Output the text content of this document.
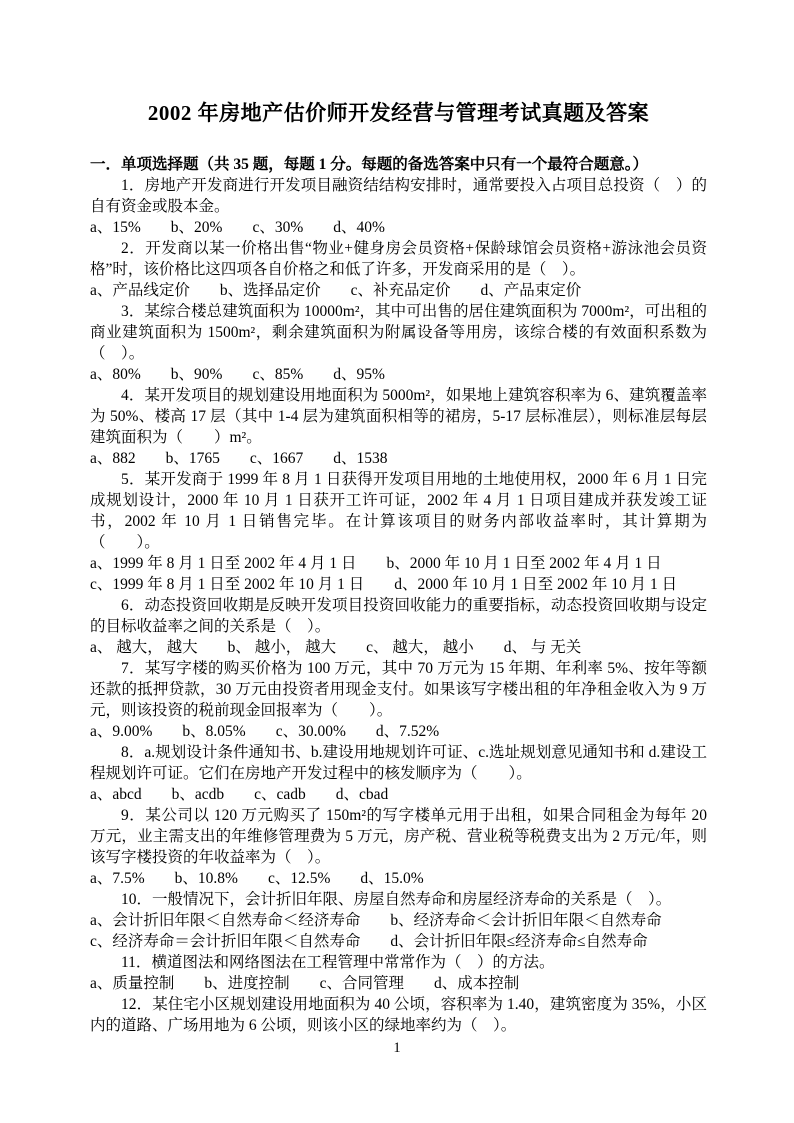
2002 年房地产估价师开发经营与管理考试真题及答案

一．单项选择题（共 35 题，每题 1 分。每题的备选答案中只有一个最符合题意。）

1．房地产开发商进行开发项目融资结结构安排时，通常要投入占项目总投资（　）的自有资金或股本金。

a、15% b、20% c、30% d、40%

2．开发商以某一价格出售“物业+健身房会员资格+保龄球馆会员资格+游泳池会员资格”时，该价格比这四项各自价格之和低了许多，开发商采用的是（　）。

a、产品线定价 b、选择品定价 c、补充品定价 d、产品束定价

3．某综合楼总建筑面积为 10000m²，其中可出售的居住建筑面积为 7000m²，可出租的商业建筑面积为 1500m²，剩余建筑面积为附属设备等用房，该综合楼的有效面积系数为（　）。

a、80% b、90% c、85% d、95%

4．某开发项目的规划建设用地面积为 5000m²，如果地上建筑容积率为 6、建筑覆盖率为 50%、楼高 17 层（其中 1-4 层为建筑面积相等的裙房，5-17 层标准层），则标准层每层建筑面积为（　　）m²。

a、882 b、1765 c、1667 d、1538

5．某开发商于 1999 年 8 月 1 日获得开发项目用地的土地使用权，2000 年 6 月 1 日完成规划设计，2000 年 10 月 1 日获开工许可证，2002 年 4 月 1 日项目建成并获发竣工证书，2002 年 10 月 1 日销售完毕。在计算该项目的财务内部收益率时，其计算期为（　　）。

a、1999 年 8 月 1 日至 2002 年 4 月 1 日 b、2000 年 10 月 1 日至 2002 年 4 月 1 日c、1999 年 8 月 1 日至 2002 年 10 月 1 日 d、2000 年 10 月 1 日至 2002 年 10 月 1 日

6．动态投资回收期是反映开发项目投资回收能力的重要指标，动态投资回收期与设定的目标收益率之间的关系是（　）。

a、 越大， 越大 b、 越小， 越大 c、 越大， 越小 d、 与 无关

7．某写字楼的购买价格为 100 万元，其中 70 万元为 15 年期、年利率 5%、按年等额还款的抵押贷款，30 万元由投资者用现金支付。如果该写字楼出租的年净租金收入为 9 万元，则该投资的税前现金回报率为（　　）。

a、9.00% b、8.05% c、30.00% d、7.52%

8．a.规划设计条件通知书、b.建设用地规划许可证、c.选址规划意见通知书和 d.建设工程规划许可证。它们在房地产开发过程中的核发顺序为（　　）。

a、abcd b、acdb c、cadb d、cbad

9．某公司以 120 万元购买了 150m²的写字楼单元用于出租，如果合同租金为每年 20 万元，业主需支出的年维修管理费为 5 万元，房产税、营业税等税费支出为 2 万元/年，则该写字楼投资的年收益率为（　）。

a、7.5% b、10.8% c、12.5% d、15.0%

10．一般情况下，会计折旧年限、房屋自然寿命和房屋经济寿命的关系是（　）。

a、会计折旧年限＜自然寿命＜经济寿命 b、经济寿命＜会计折旧年限＜自然寿命c、经济寿命＝会计折旧年限＜自然寿命 d、会计折旧年限≤经济寿命≤自然寿命

11．横道图法和网络图法在工程管理中常常作为（　）的方法。

a、质量控制 b、进度控制 c、合同管理 d、成本控制

12．某住宅小区规划建设用地面积为 40 公顷，容积率为 1.40，建筑密度为 35%，小区内的道路、广场用地为 6 公顷，则该小区的绿地率约为（　）。

1
